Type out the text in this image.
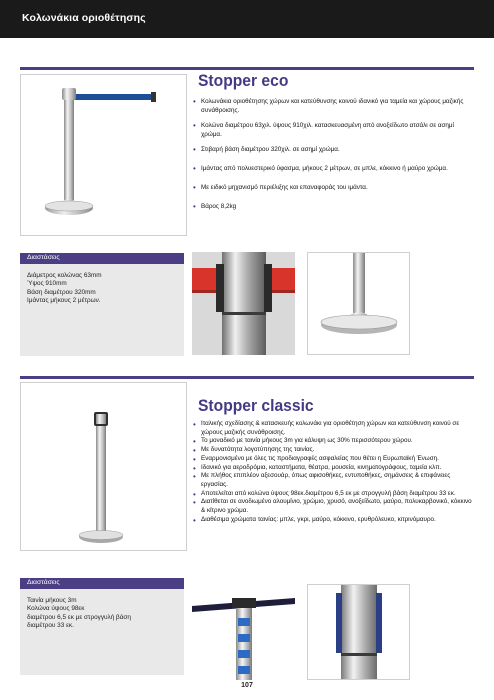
Κολωνάκια οριοθέτησης
Stopper eco
• Κολωνάκια οριοθέτησης χώρων και κατεύθυνσης κοινού ιδανικό για ταμεία και χώρους μαζικής συνάθροισης.
• Κολώνα διαμέτρου 63χιλ. ύψους 910χιλ. κατασκευασμένη από ανοξείδωτο ατσάλι σε ασημί χρώμα.
• Στιβαρή βάση διαμέτρου 320χιλ. σε ασημί χρώμα.
• Ιμάντας από πολυεστερικό ύφασμα, μήκους 2 μέτρων, σε μπλε, κόκκινο ή μαύρο χρώμα.
• Με ειδικό μηχανισμό περιέλιξης και επαναφοράς του ιμάντα.
• Βάρος 8,2kg
Διαστάσεις
Διάμετρος κολώνας 63mm
Ύψος 910mm
Βάση διαμέτρου 320mm
Ιμάντας μήκους 2 μέτρων.
Stopper classic
• Ιταλικής σχεδίασης & κατασκευής κολωνάκι για οριοθέτηση χώρων και κατεύθυνση κοινού σε χώρους μαζικής συνάθροισης.
• Το μοναδικό με ταινία μήκους 3m για κάλυψη ως 30% περισσότερου χώρου.
• Με δυνατότητα λογοτύπησης της ταινίας.
• Εναρμονισμένο με όλες τις προδιαγραφές ασφαλείας που θέτει η Ευρωπαϊκή Ένωση.
• Ιδανικό για αεροδρόμια, καταστήματα, θέατρα, μουσεία, κινηματογράφους, ταμεία κλπ.
• Με πλήθος επιπλέον αξεσουάρ, όπως αφισοθήκες, εντυποθήκες, σημάνσεις & επιφάνειες εργασίας.
• Αποτελείται από κολώνα ύψους 98εκ.διαμέτρου 6,5 εκ με στρογγυλή βάση διαμέτρου 33 εκ.
• Διατίθεται σε ανοδιωμένο αλουμίνιο, χρώμιο, χρυσό, ανοξείδωτο, μαύρο, πολυκαρβονικό, κόκκινο & κίτρινο χρώμα.
• Διαθέσιμα χρώματα ταινίας: μπλε, γκρι, μαύρο, κόκκινο, ερυθρόλευκο, κιτρινόμαυρο.
Διαστάσεις
Ταινία μήκους 3m
Κολώνα ύψους 98εκ
διαμέτρου 6,5 εκ με στρογγυλή βάση
διαμέτρου 33 εκ.
107
